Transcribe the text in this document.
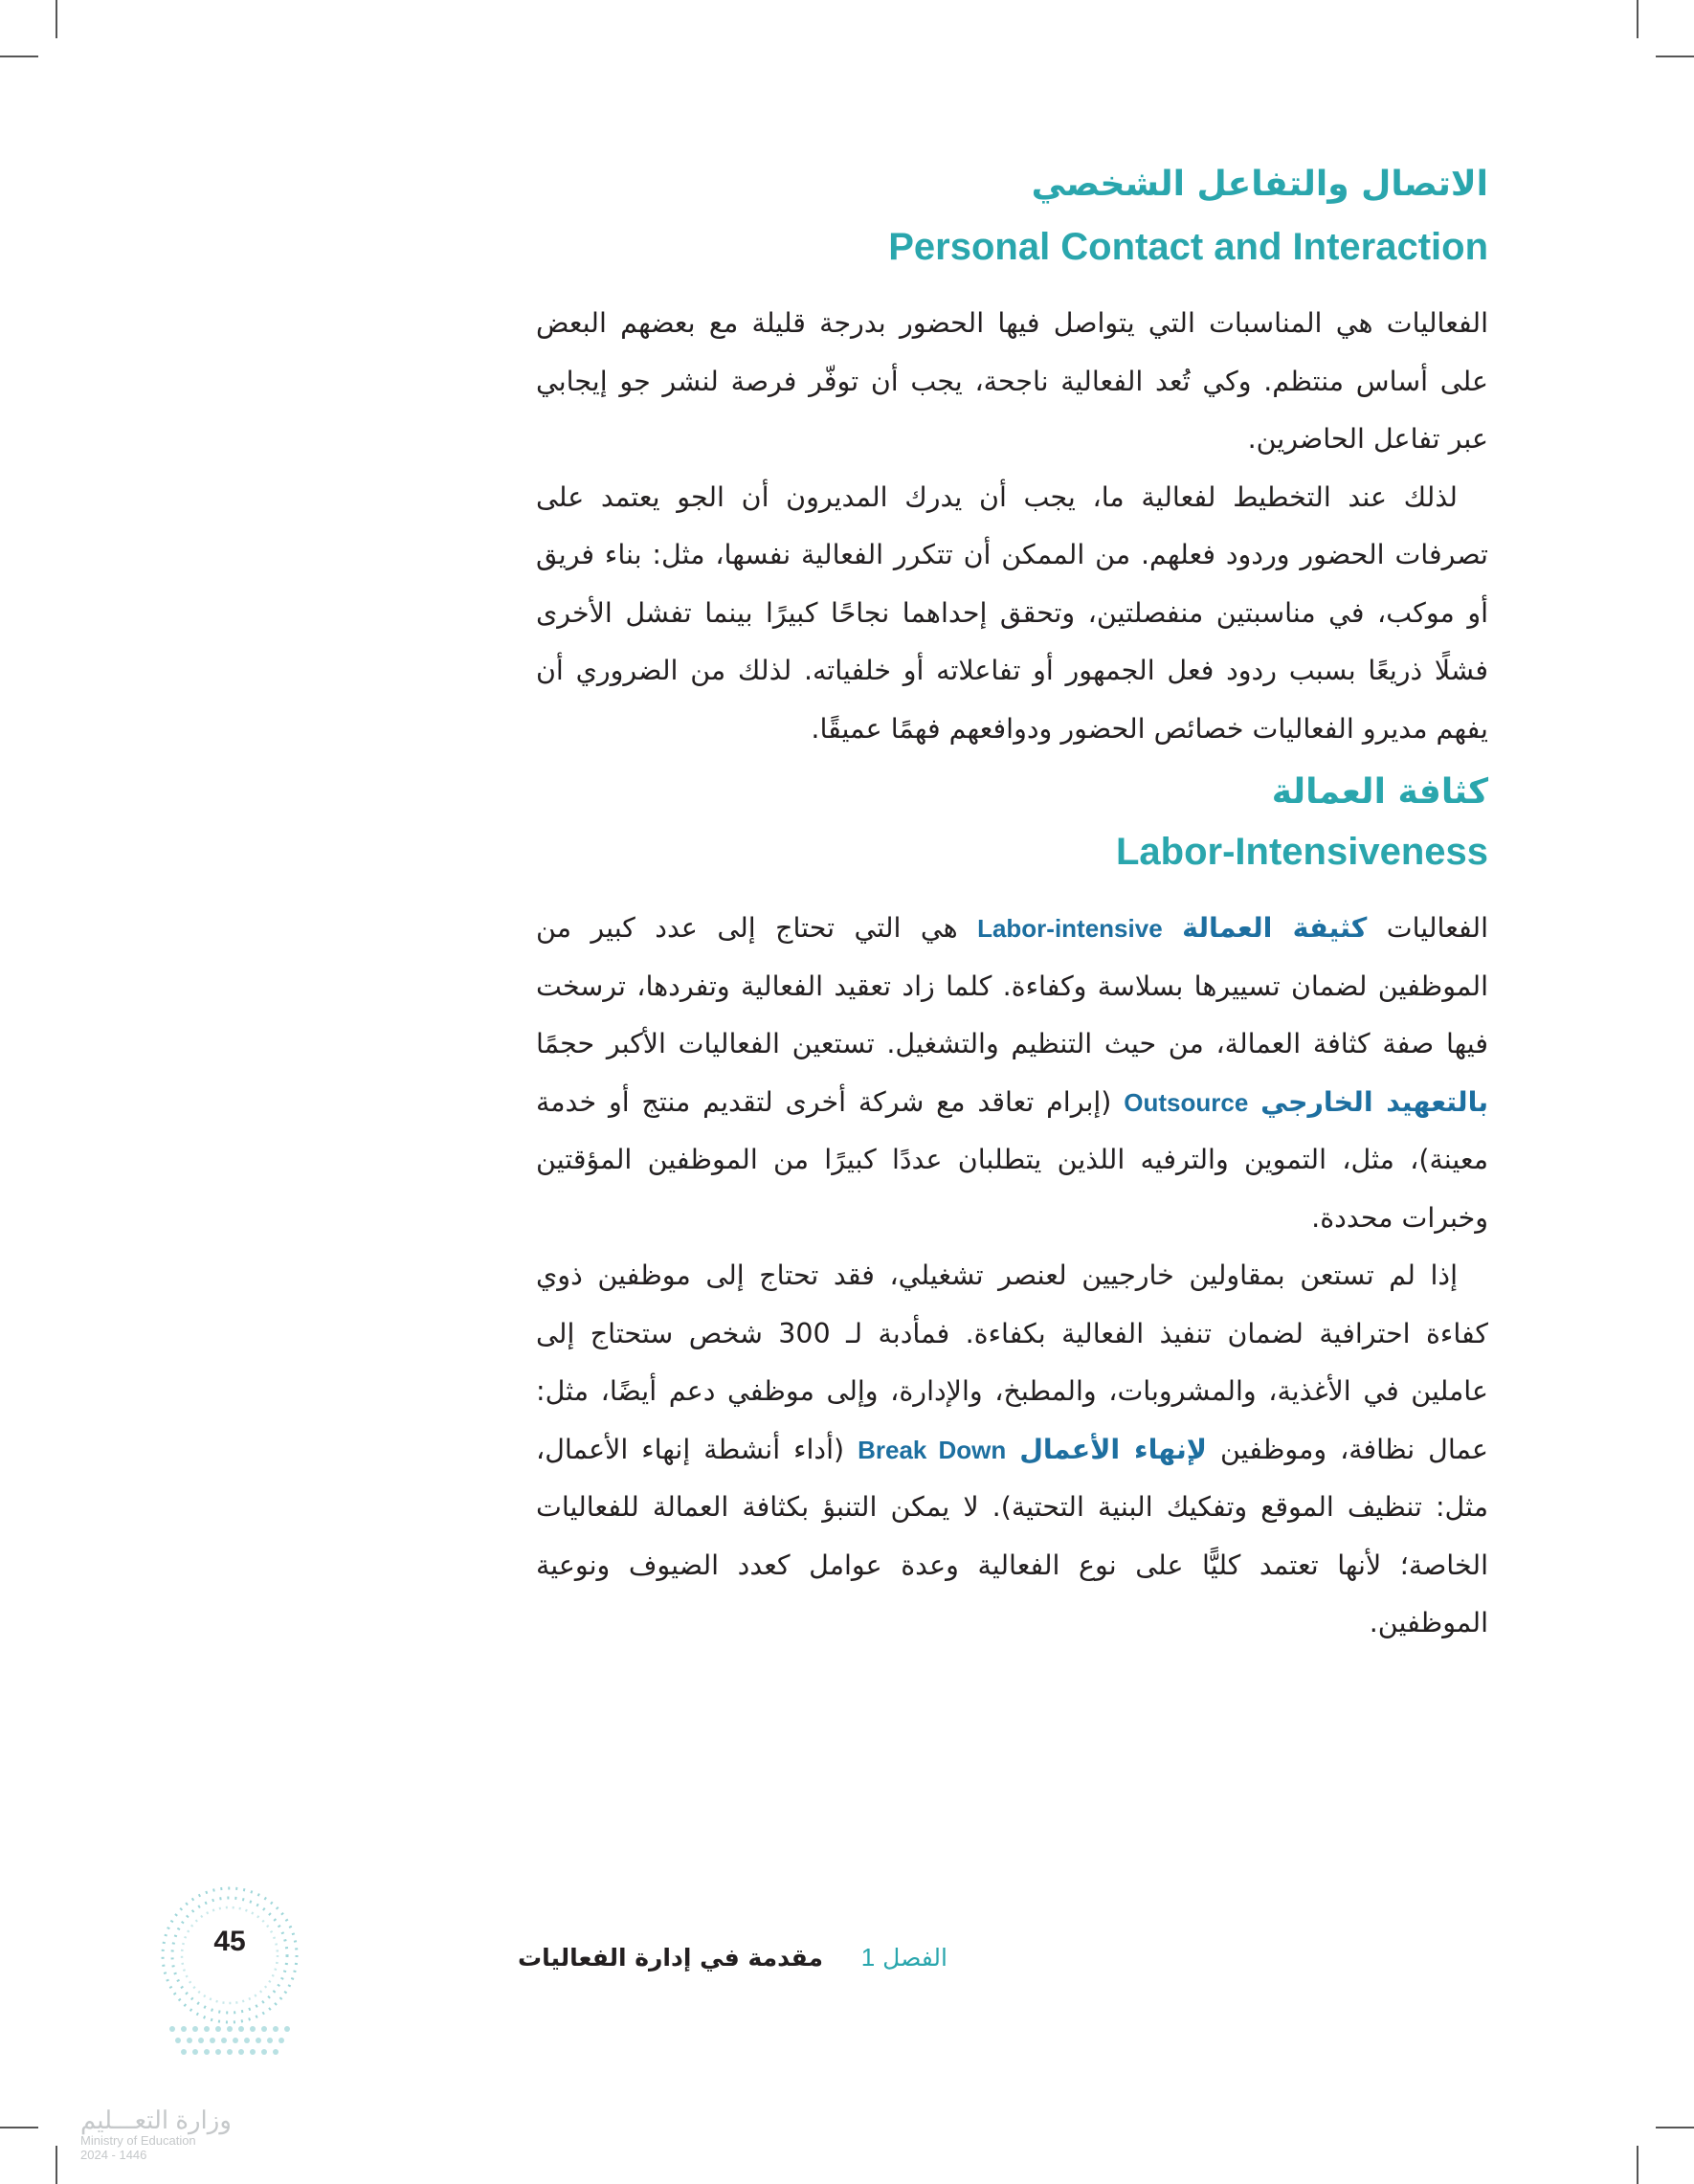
الاتصال والتفاعل الشخصي
Personal Contact and Interaction

الفعاليات هي المناسبات التي يتواصل فيها الحضور بدرجة قليلة مع بعضهم البعض على أساس منتظم. وكي تُعد الفعالية ناجحة، يجب أن توفّر فرصة لنشر جو إيجابي عبر تفاعل الحاضرين.

لذلك عند التخطيط لفعالية ما، يجب أن يدرك المديرون أن الجو يعتمد على تصرفات الحضور وردود فعلهم. من الممكن أن تتكرر الفعالية نفسها، مثل: بناء فريق أو موكب، في مناسبتين منفصلتين، وتحقق إحداهما نجاحًا كبيرًا بينما تفشل الأخرى فشلًا ذريعًا بسبب ردود فعل الجمهور أو تفاعلاته أو خلفياته. لذلك من الضروري أن يفهم مديرو الفعاليات خصائص الحضور ودوافعهم فهمًا عميقًا.

كثافة العمالة
Labor-Intensiveness

الفعاليات كثيفة العمالة Labor-intensive هي التي تحتاج إلى عدد كبير من الموظفين لضمان تسييرها بسلاسة وكفاءة. كلما زاد تعقيد الفعالية وتفردها، ترسخت فيها صفة كثافة العمالة، من حيث التنظيم والتشغيل. تستعين الفعاليات الأكبر حجمًا بالتعهيد الخارجي Outsource (إبرام تعاقد مع شركة أخرى لتقديم منتج أو خدمة معينة)، مثل، التموين والترفيه اللذين يتطلبان عددًا كبيرًا من الموظفين المؤقتين وخبرات محددة.

إذا لم تستعن بمقاولين خارجيين لعنصر تشغيلي، فقد تحتاج إلى موظفين ذوي كفاءة احترافية لضمان تنفيذ الفعالية بكفاءة. فمأدبة لـ 300 شخص ستحتاج إلى عاملين في الأغذية، والمشروبات، والمطبخ، والإدارة، وإلى موظفي دعم أيضًا، مثل: عمال نظافة، وموظفين لإنهاء الأعمال Break Down (أداء أنشطة إنهاء الأعمال، مثل: تنظيف الموقع وتفكيك البنية التحتية). لا يمكن التنبؤ بكثافة العمالة للفعاليات الخاصة؛ لأنها تعتمد كليًّا على نوع الفعالية وعدة عوامل كعدد الضيوف ونوعية الموظفين.

الفصل 1     مقدمة في إدارة الفعاليات
45
وزارة التعـــليم
Ministry of Education
2024 - 1446
